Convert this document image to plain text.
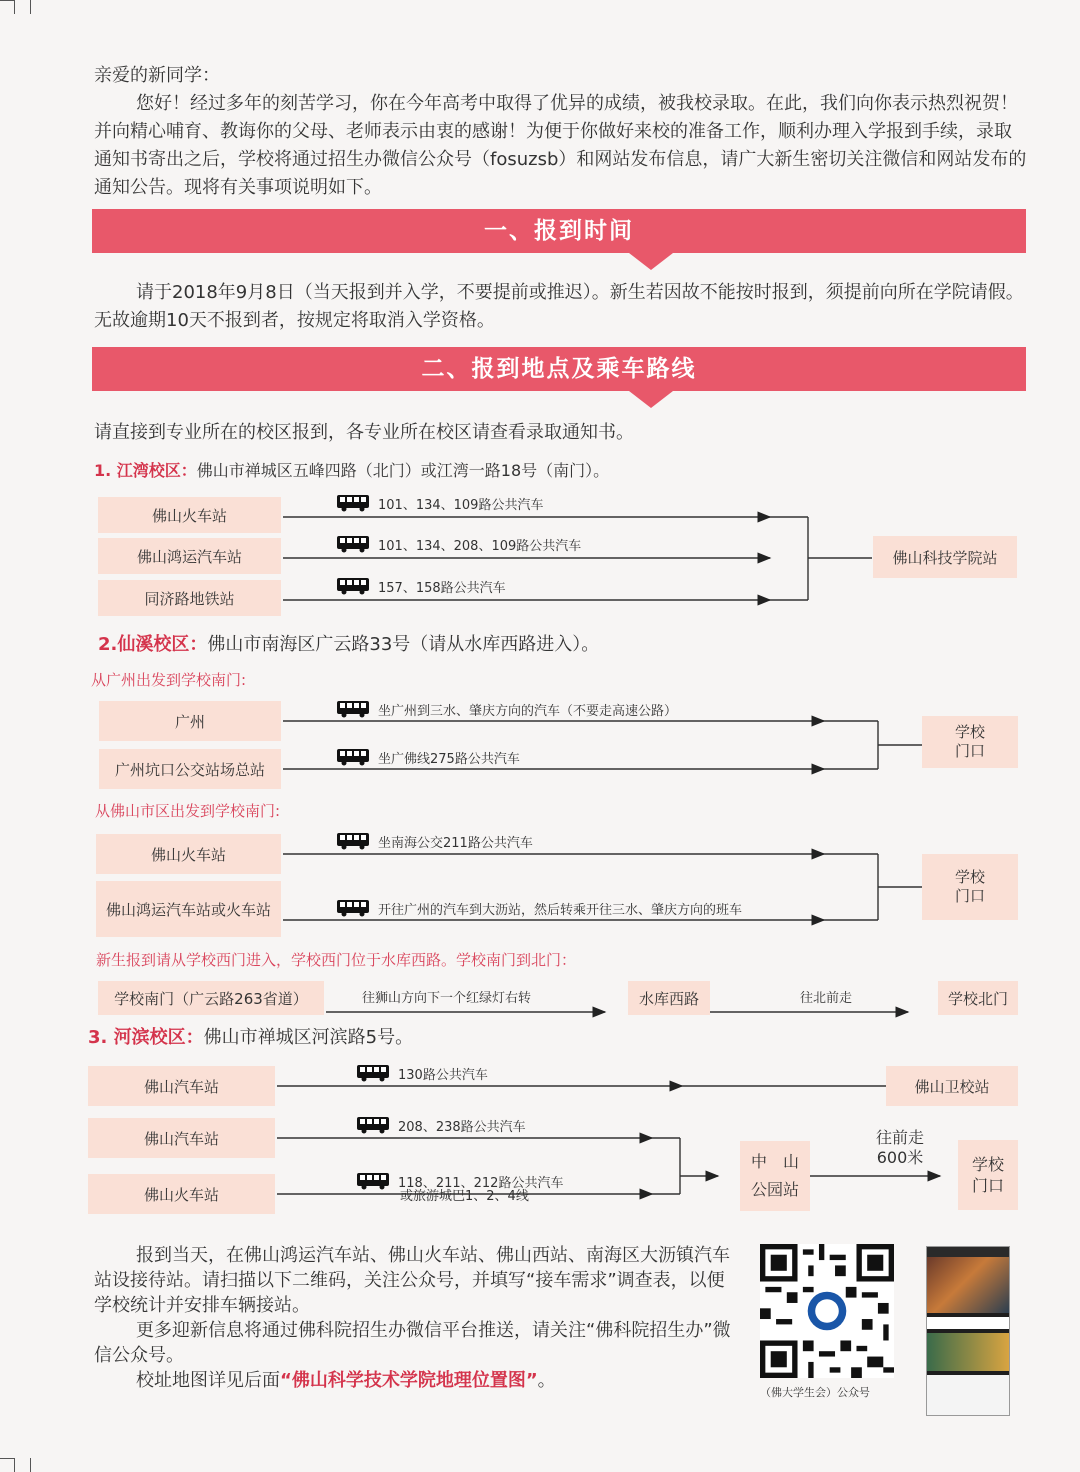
亲爱的新同学：
您好！经过多年的刻苦学习，你在今年高考中取得了优异的成绩，被我校录取。在此，我们向你表示热烈祝贺！并向精心哺育、教诲你的父母、老师表示由衷的感谢！为便于你做好来校的准备工作，顺利办理入学报到手续，录取通知书寄出之后，学校将通过招生办微信公众号（fosuzsb）和网站发布信息，请广大新生密切关注微信和网站发布的通知公告。现将有关事项说明如下。
一、报到时间
请于2018年9月8日（当天报到并入学，不要提前或推迟）。新生若因故不能按时报到，须提前向所在学院请假。无故逾期10天不报到者，按规定将取消入学资格。
二、报到地点及乘车路线
请直接到专业所在的校区报到，各专业所在校区请查看录取通知书。
1. 江湾校区：佛山市禅城区五峰四路（北门）或江湾一路18号（南门）。
佛山火车站
佛山鸿运汽车站
同济路地铁站
101、134、109路公共汽车
101、134、208、109路公共汽车
157、158路公共汽车
佛山科技学院站
2.仙溪校区：佛山市南海区广云路33号（请从水库西路进入）。
从广州出发到学校南门:
广州
广州坑口公交站场总站
坐广州到三水、肇庆方向的汽车（不要走高速公路）
坐广佛线275路公共汽车
学校门口
从佛山市区出发到学校南门:
佛山火车站
佛山鸿运汽车站或火车站
坐南海公交211路公共汽车
开往广州的汽车到大沥站，然后转乘开往三水、肇庆方向的班车
学校门口
新生报到请从学校西门进入，学校西门位于水库西路。学校南门到北门：
学校南门（广云路263省道）	往狮山方向下一个红绿灯右转	水库西路	往北前走	学校北门
3. 河滨校区：佛山市禅城区河滨路5号。
佛山汽车站
佛山汽车站
佛山火车站
130路公共汽车
佛山卫校站
208、238路公共汽车
118、211、212路公共汽车
或旅游城巴1、2、4线
中　山
公园站
往前走
600米	学校门口
报到当天，在佛山鸿运汽车站、佛山火车站、佛山西站、南海区大沥镇汽车站设接待站。请扫描以下二维码，关注公众号，并填写“接车需求”调查表，以便学校统计并安排车辆接站。
更多迎新信息将通过佛科院招生办微信平台推送，请关注“佛科院招生办”微信公众号。
校址地图详见后面“佛山科学技术学院地理位置图”。
（佛大学生会）公众号
